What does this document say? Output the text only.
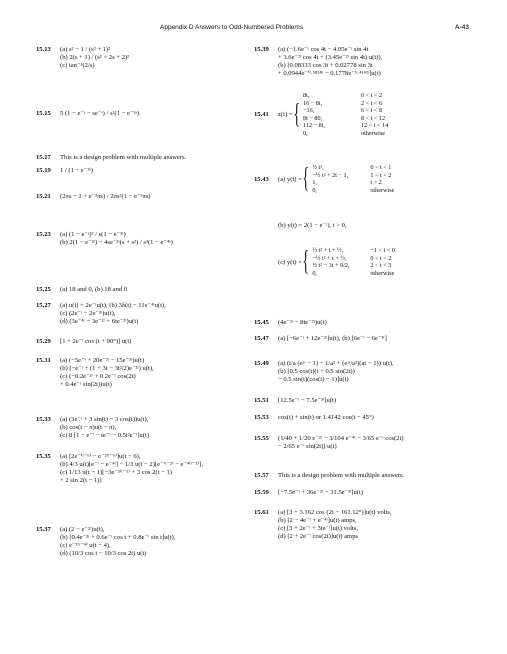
Appendix D Answers to Odd-Numbered Problems	A-43
15.13 (a) s² − 1 / (s² + 1)²
(b) 2(s + 1) / (s² + 2s + 2)²
(c) tan⁻¹(2/s)
15.15 5 (1 − e⁻ˢ − se⁻ˢ) / s²(1 − e⁻⁵ˢ)
15.17 This is a design problem with multiple answers.
15.19 1 / (1 − e⁻²ˢ)
15.21 (2πs − 1 + e⁻²πs) / 2πs²(1 − e⁻²πs)
15.23 (a) (1 − e⁻ˢ)² / s(1 − e⁻²ˢ)
(b) 2(1 − e⁻²ˢ) − 4se⁻²ˢ(s + s²) / s³(1 − e⁻⁴ˢ)
15.25 (a) 18 and 0, (b) 18 and 0
15.27 (a) u(t) + 2e⁻ᵗu(t), (b) 3δ(t) − 11e⁻⁴ᵗu(t),
(c) (2e⁻ᵗ − 2e⁻³ᵗ)u(t),
(d) (3e⁻⁴ᵗ − 3e⁻²ᵗ + 6te⁻²ᵗ)u(t)
15.29 [1 + 2e⁻ᵗ cos (t + 90°)] u(t)
15.31 (a) (−5e⁻ᵗ + 20e⁻²ᵗ − 15e⁻³ᵗ)u(t)
(b) (−e⁻ᵗ + (1 + 3t − 3t²/2)e⁻²ᵗ) u(t),
(c) (−0.2e⁻²ᵗ + 0.2e⁻ᵗ cos(2t)
+ 0.4e⁻ᵗ sin(2t))u(t)
15.33 (a) (3e⁻ᵗ + 3 sin(t) − 3 cos(t))u(t),
(b) cos(t − π)u(t − π),
(c) 8 [1 − e⁻ᵗ − te⁻ᵗ − 0.5t²e⁻ᵗ]u(t)
15.35 (a) [2e⁻⁽ᵗ⁻⁶⁾ − e⁻²⁽ᵗ⁻⁶⁾]u(t − 6),
(b) 4/3 u(t)[e⁻ᵗ − e⁻⁴ᵗ] − 1/3 u(t − 2)[e⁻⁽ᵗ⁻²⁾ − e⁻⁴⁽ᵗ⁻²⁾],
(c) 1/13 u(t − 1)[−3e⁻³⁽ᵗ⁻¹⁾ + 3 cos 2(t − 1)
+ 2 sin 2(t − 1)]
15.37 (a) (2 − e⁻²ᵗ)u(t),
(b) [0.4e⁻³ᵗ + 0.6e⁻ᵗ cos t + 0.8e⁻ᵗ sin t]u(t),
(c) e⁻²⁽ᵗ⁻⁴⁾ u(t − 4),
(d) (10/3 cos t − 10/3 cos 2t) u(t)
15.39 (a) (−1.6e⁻ᵗ cos 4t − 4.05e⁻ᵗ sin 4t
+ 3.6e⁻²ᵗ cos 4t + (3.45e⁻²ᵗ sin 4t) u(t)),
(b) [0.08333 cos 3t + 0.02778 sin 3t
+ 0.0944e⁻⁰·⁵⁸⁵⁸ᵗ − 0.1778e⁻⁵·⁴¹⁴²ᵗ]u(t)
15.41 z(t) ={
8t,	0 < t < 2
16 − 8t,	2 < t < 6
−16,	6 < t < 8
8t − 80,	8 < t < 12
112 − 8t,	12 < t < 14
0,	otherwise
15.43 (a) y(t) ={ ½ t²,	0 < t < 1
−½ t² + 2t − 1,	1 < t < 2
1,	t > 2
0,	otherwise
(b) y(t) = 2(1 − e⁻ᵗ), t > 0,
(c) y(t) ={ ½ t² + t + ½,	−1 < t < 0
−½ t² + t + ½,	0 < t < 2
½ t² − 3t + 9/2,	2 < t < 3
0,	otherwise
15.45 (4e⁻²ᵗ − 8te⁻²ᵗ)u(t)
15.47 (a) [−6e⁻ᵗ + 12e⁻²ᵗ]u(t), (b) [6e⁻ᵗ − 6e⁻³ᵗ]
15.49 (a) (t/a (eᵃᵗ − 1) − 1/a² + (eᵃᵗ/a²)(at − 1)) u(t),
(b) [0.5 cos(t)(t + 0.5 sin(2t))
− 0.5 sin(t)(cos(t) − 1)]u(t)
15.51 [12.5e⁻ᵗ − 7.5e⁻³ᵗ]u(t)
15.53 cos(t) + sin(t) or 1.4142 cos(t − 45°)
15.55 (1/40 + 1/20 e⁻²ᵗ − 3/104 e⁻⁴ᵗ − 3/65 e⁻ᵗ cos(2t)
− 2/65 e⁻ᵗ sin(2t)) u(t)
15.57 This is a design problem with multiple answers.
15.59 [−7.5e⁻ᵗ + 36e⁻²ᵗ − 31.5e⁻³ᵗ]u(t)
15.61 (a) [3 + 3.162 cos (2t − 161.12°)]u(t) volts,
(b) [2 − 4e⁻ᵗ + e⁻⁴ᵗ]u(t) amps,
(c) [3 + 2e⁻ᵗ + 3te⁻ᵗ]u(t) volts,
(d) [2 + 2e⁻ᵗ cos(2t)]u(t) amps
